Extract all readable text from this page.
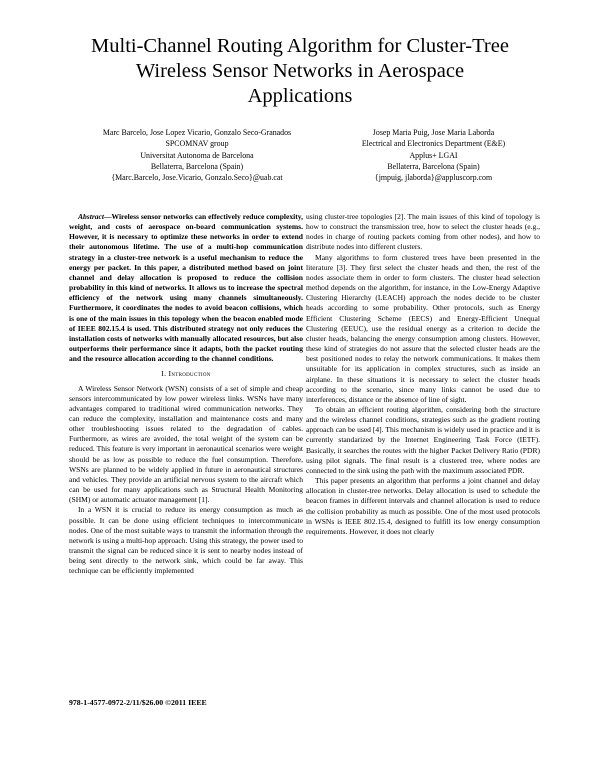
Multi-Channel Routing Algorithm for Cluster-Tree
Wireless Sensor Networks in Aerospace
Applications
Marc Barcelo, Jose Lopez Vicario, Gonzalo Seco-Granados
SPCOMNAV group
Universitat Autonoma de Barcelona
Bellaterra, Barcelona (Spain)
{Marc.Barcelo, Jose.Vicario, Gonzalo.Seco}@uab.cat
Josep Maria Puig, Jose Maria Laborda
Electrical and Electronics Department (E&E)
Applus+ LGAI
Bellaterra, Barcelona (Spain)
{jmpuig, jlaborda}@appluscorp.com

Abstract—Wireless sensor networks can effectively reduce complexity, weight, and costs of aerospace on-board communication systems. However, it is necessary to optimize these networks in order to extend their autonomous lifetime. The use of a multi-hop communication strategy in a cluster-tree network is a useful mechanism to reduce the energy per packet. In this paper, a distributed method based on joint channel and delay allocation is proposed to reduce the collision probability in this kind of networks. It allows us to increase the spectral efficiency of the network using many channels simultaneously. Furthermore, it coordinates the nodes to avoid beacon collisions, which is one of the main issues in this topology when the beacon enabled mode of IEEE 802.15.4 is used. This distributed strategy not only reduces the installation costs of networks with manually allocated resources, but also outperforms their performance since it adapts, both the packet routing and the resource allocation according to the channel conditions.

I. Introduction

A Wireless Sensor Network (WSN) consists of a set of simple and cheap sensors intercommunicated by low power wireless links. WSNs have many advantages compared to traditional wired communication networks. They can reduce the complexity, installation and maintenance costs and many other troubleshooting issues related to the degradation of cables. Furthermore, as wires are avoided, the total weight of the system can be reduced. This feature is very important in aeronautical scenarios were weight should be as low as possible to reduce the fuel consumption. Therefore, WSNs are planned to be widely applied in future in aeronautical structures and vehicles. They provide an artificial nervous system to the aircraft which can be used for many applications such as Structural Health Monitoring (SHM) or automatic actuator management [1].

In a WSN it is crucial to reduce its energy consumption as much as possible. It can be done using efficient techniques to intercommunicate nodes. One of the most suitable ways to transmit the information through the network is using a multi-hop approach. Using this strategy, the power used to transmit the signal can be reduced since it is sent to nearby nodes instead of being sent directly to the network sink, which could be far away. This technique can be efficiently implemented

using cluster-tree topologies [2]. The main issues of this kind of topology is how to construct the transmission tree, how to select the cluster heads (e.g., nodes in charge of routing packets coming from other nodes), and how to distribute nodes into different clusters.

Many algorithms to form clustered trees have been presented in the literature [3]. They first select the cluster heads and then, the rest of the nodes associate them in order to form clusters. The cluster head selection method depends on the algorithm, for instance, in the Low-Energy Adaptive Clustering Hierarchy (LEACH) approach the nodes decide to be cluster heads according to some probability. Other protocols, such as Energy Efficient Clustering Scheme (EECS) and Energy-Efficient Unequal Clustering (EEUC), use the residual energy as a criterion to decide the cluster heads, balancing the energy consumption among clusters. However, these kind of strategies do not assure that the selected cluster heads are the best positioned nodes to relay the network communications. It makes them unsuitable for its application in complex structures, such as inside an airplane. In these situations it is necessary to select the cluster heads according to the scenario, since many links cannot be used due to interferences, distance or the absence of line of sight.

To obtain an efficient routing algorithm, considering both the structure and the wireless channel conditions, strategies such as the gradient routing approach can be used [4]. This mechanism is widely used in practice and it is currently standarized by the Internet Engineering Task Force (IETF). Basically, it searches the routes with the higher Packet Delivery Ratio (PDR) using pilot signals. The final result is a clustered tree, where nodes are connected to the sink using the path with the maximum associated PDR.

This paper presents an algorithm that performs a joint channel and delay allocation in cluster-tree networks. Delay allocation is used to schedule the beacon frames in different intervals and channel allocation is used to reduce the collision probability as much as possible. One of the most used protocols in WSNs is IEEE 802.15.4, designed to fulfill its low energy consumption requirements. However, it does not clearly

978-1-4577-0972-2/11/$26.00 ©2011 IEEE
